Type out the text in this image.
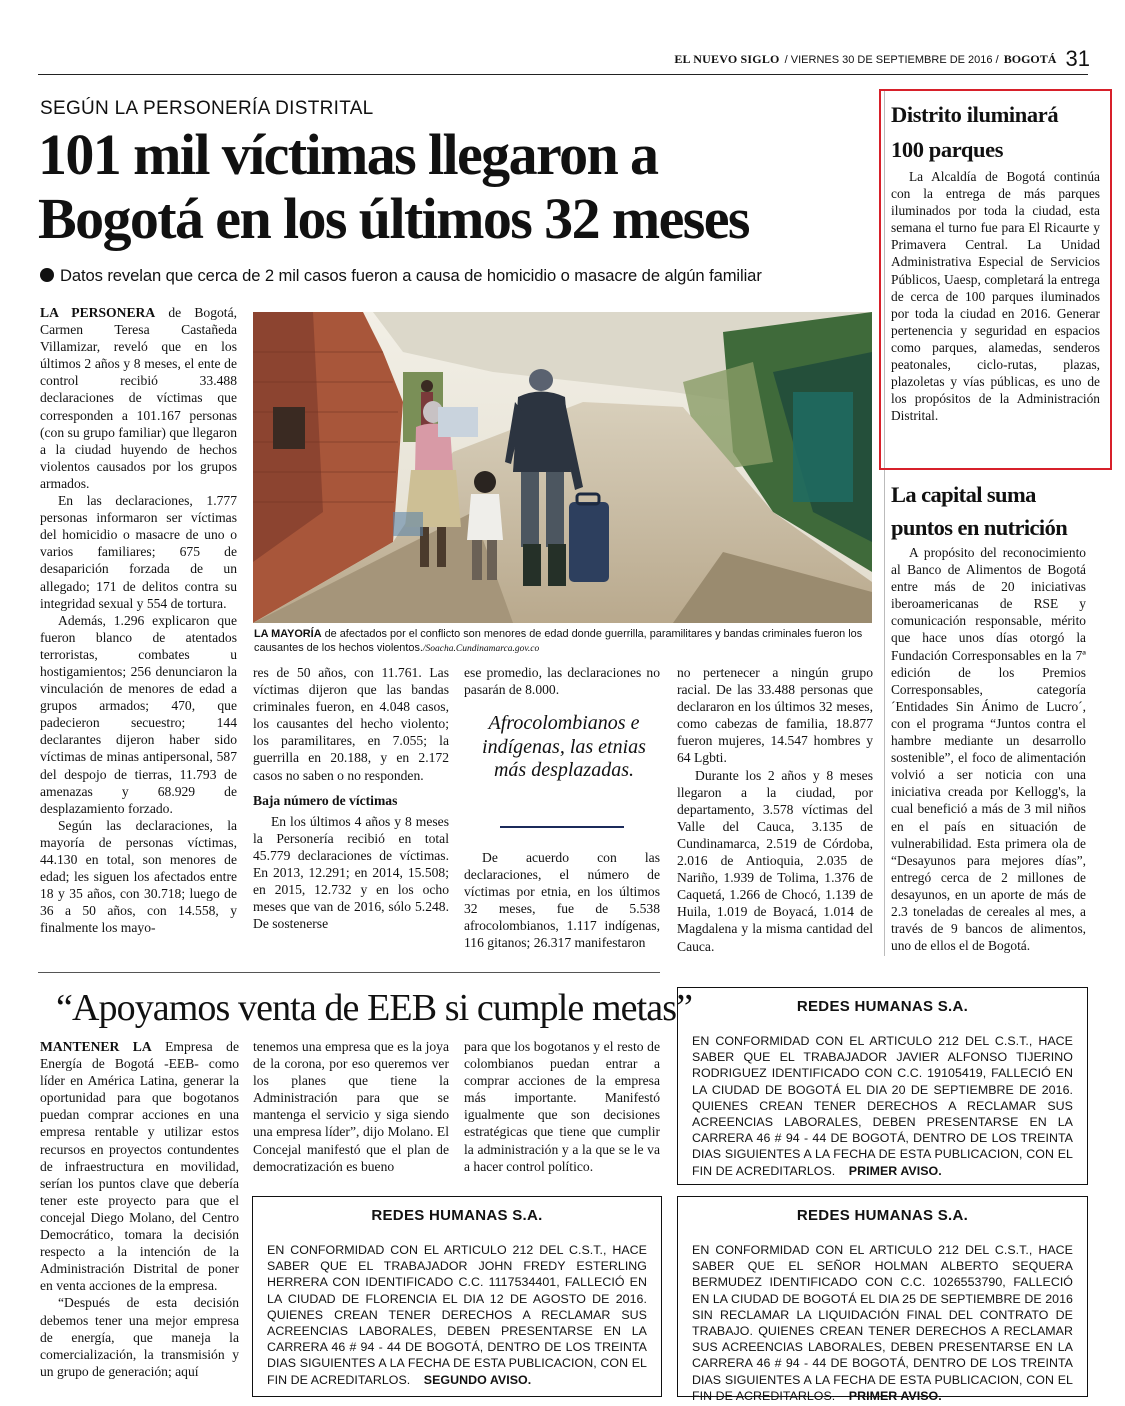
EL NUEVO SIGLO / VIERNES 30 DE SEPTIEMBRE DE 2016 / BOGOTÁ 31
SEGÚN LA PERSONERÍA DISTRITAL
101 mil víctimas llegaron a
Bogotá en los últimos 32 meses
Datos revelan que cerca de 2 mil casos fueron a causa de homicidio o masacre de algún familiar

LA PERSONERA de Bogotá, Carmen Teresa Castañeda Villamizar, reveló que en los últimos 2 años y 8 meses, el ente de control recibió 33.488 declaraciones de víctimas que corresponden a 101.167 personas (con su grupo familiar) que llegaron a la ciudad huyendo de hechos violentos causados por los grupos armados.

En las declaraciones, 1.777 personas informaron ser víctimas del homicidio o masacre de uno o varios familiares; 675 de desaparición forzada de un allegado; 171 de delitos contra su integridad sexual y 554 de tortura.

Además, 1.296 explicaron que fueron blanco de atentados terroristas, combates u hostigamientos; 256 denunciaron la vinculación de menores de edad a grupos armados; 470, que padecieron secuestro; 144 declarantes dijeron haber sido víctimas de minas antipersonal, 587 del despojo de tierras, 11.793 de amenazas y 68.929 de desplazamiento forzado.

Según las declaraciones, la mayoría de personas víctimas, 44.130 en total, son menores de edad; les siguen los afectados entre 18 y 35 años, con 30.718; luego de 36 a 50 años, con 14.558, y finalmente los mayo-

LA MAYORÍA de afectados por el conflicto son menores de edad donde guerrilla, paramilitares y bandas criminales fueron los causantes de los hechos violentos./Soacha.Cundinamarca.gov.co

res de 50 años, con 11.761. Las víctimas dijeron que las bandas criminales fueron, en 4.048 casos, los causantes del hecho violento; los paramilitares, en 7.055; la guerrilla en 20.188, y en 2.172 casos no saben o no responden.

Baja número de víctimas

En los últimos 4 años y 8 meses la Personería recibió en total 45.779 declaraciones de víctimas. En 2013, 12.291; en 2014, 15.508; en 2015, 12.732 y en los ocho meses que van de 2016, sólo 5.248. De sostenerse

ese promedio, las declaraciones no pasarán de 8.000.

Afrocolombianos e indígenas, las etnias más desplazadas.

De acuerdo con las declaraciones, el número de víctimas por etnia, en los últimos 32 meses, fue de 5.538 afrocolombianos, 1.117 indígenas, 116 gitanos; 26.317 manifestaron

no pertenecer a ningún grupo racial. De las 33.488 personas que declararon en los últimos 32 meses, como cabezas de familia, 18.877 fueron mujeres, 14.547 hombres y 64 Lgbti.

Durante los 2 años y 8 meses llegaron a la ciudad, por departamento, 3.578 víctimas del Valle del Cauca, 3.135 de Cundinamarca, 2.519 de Córdoba, 2.016 de Antioquia, 2.035 de Nariño, 1.939 de Tolima, 1.376 de Caquetá, 1.266 de Chocó, 1.139 de Huila, 1.019 de Boyacá, 1.014 de Magdalena y la misma cantidad del Cauca.

Distrito iluminará
100 parques

La Alcaldía de Bogotá continúa con la entrega de más parques iluminados por toda la ciudad, esta semana el turno fue para El Ricaurte y Primavera Central. La Unidad Administrativa Especial de Servicios Públicos, Uaesp, completará la entrega de cerca de 100 parques iluminados por toda la ciudad en 2016. Generar pertenencia y seguridad en espacios como parques, alamedas, senderos peatonales, ciclo-rutas, plazas, plazoletas y vías públicas, es uno de los propósitos de la Administración Distrital.

La capital suma
puntos en nutrición

A propósito del reconocimiento al Banco de Alimentos de Bogotá entre más de 20 iniciativas iberoamericanas de RSE y comunicación responsable, mérito que hace unos días otorgó la Fundación Corresponsables en la 7ª edición de los Premios Corresponsables, categoría ´Entidades Sin Ánimo de Lucro´, con el programa “Juntos contra el hambre mediante un desarrollo sostenible”, el foco de alimentación volvió a ser noticia con una iniciativa creada por Kellogg's, la cual benefició a más de 3 mil niños en el país en situación de vulnerabilidad. Esta primera ola de “Desayunos para mejores días”, entregó cerca de 2 millones de desayunos, en un aporte de más de 2.3 toneladas de cereales al mes, a través de 9 bancos de alimentos, uno de ellos el de Bogotá.

“Apoyamos venta de EEB si cumple metas”

MANTENER LA Empresa de Energía de Bogotá -EEB- como líder en América Latina, generar la oportunidad para que bogotanos puedan comprar acciones en una empresa rentable y utilizar estos recursos en proyectos contundentes de infraestructura en movilidad, serían los puntos clave que debería tener este proyecto para que el concejal Diego Molano, del Centro Democrático, tomara la decisión respecto a la intención de la Administración Distrital de poner en venta acciones de la empresa.

“Después de esta decisión debemos tener una mejor empresa de energía, que maneja la comercialización, la transmisión y un grupo de generación; aquí

tenemos una empresa que es la joya de la corona, por eso queremos ver los planes que tiene la Administración para que se mantenga el servicio y siga siendo una empresa líder”, dijo Molano. El Concejal manifestó que el plan de democratización es bueno

para que los bogotanos y el resto de colombianos puedan entrar a comprar acciones de la empresa más importante. Manifestó igualmente que son decisiones estratégicas que tiene que cumplir la administración y a la que se le va a hacer control político.

REDES HUMANAS S.A.
EN CONFORMIDAD CON EL ARTICULO 212 DEL C.S.T., HACE SABER QUE EL TRABAJADOR JAVIER ALFONSO TIJERINO RODRIGUEZ IDENTIFICADO CON C.C. 19105419, FALLECIÓ EN LA CIUDAD DE BOGOTÁ EL DIA 20 DE SEPTIEMBRE DE 2016. QUIENES CREAN TENER DERECHOS A RECLAMAR SUS ACREENCIAS LABORALES, DEBEN PRESENTARSE EN LA CARRERA 46 # 94 - 44 DE BOGOTÁ, DENTRO DE LOS TREINTA DIAS SIGUIENTES A LA FECHA DE ESTA PUBLICACION, CON EL FIN DE ACREDITARLOS. PRIMER AVISO.
REDES HUMANAS S.A.
EN CONFORMIDAD CON EL ARTICULO 212 DEL C.S.T., HACE SABER QUE EL TRABAJADOR JOHN FREDY ESTERLING HERRERA CON IDENTIFICADO C.C. 1117534401, FALLECIÓ EN LA CIUDAD DE FLORENCIA EL DIA 12 DE AGOSTO DE 2016. QUIENES CREAN TENER DERECHOS A RECLAMAR SUS ACREENCIAS LABORALES, DEBEN PRESENTARSE EN LA CARRERA 46 # 94 - 44 DE BOGOTÁ, DENTRO DE LOS TREINTA DIAS SIGUIENTES A LA FECHA DE ESTA PUBLICACION, CON EL FIN DE ACREDITARLOS. SEGUNDO AVISO.
REDES HUMANAS S.A.
EN CONFORMIDAD CON EL ARTICULO 212 DEL C.S.T., HACE SABER QUE EL SEÑOR HOLMAN ALBERTO SEQUERA BERMUDEZ IDENTIFICADO CON C.C. 1026553790, FALLECIÓ EN LA CIUDAD DE BOGOTÁ EL DIA 25 DE SEPTIEMBRE DE 2016 SIN RECLAMAR LA LIQUIDACIÓN FINAL DEL CONTRATO DE TRABAJO. QUIENES CREAN TENER DERECHOS A RECLAMAR SUS ACREENCIAS LABORALES, DEBEN PRESENTARSE EN LA CARRERA 46 # 94 - 44 DE BOGOTÁ, DENTRO DE LOS TREINTA DIAS SIGUIENTES A LA FECHA DE ESTA PUBLICACION, CON EL FIN DE ACREDITARLOS. PRIMER AVISO.
